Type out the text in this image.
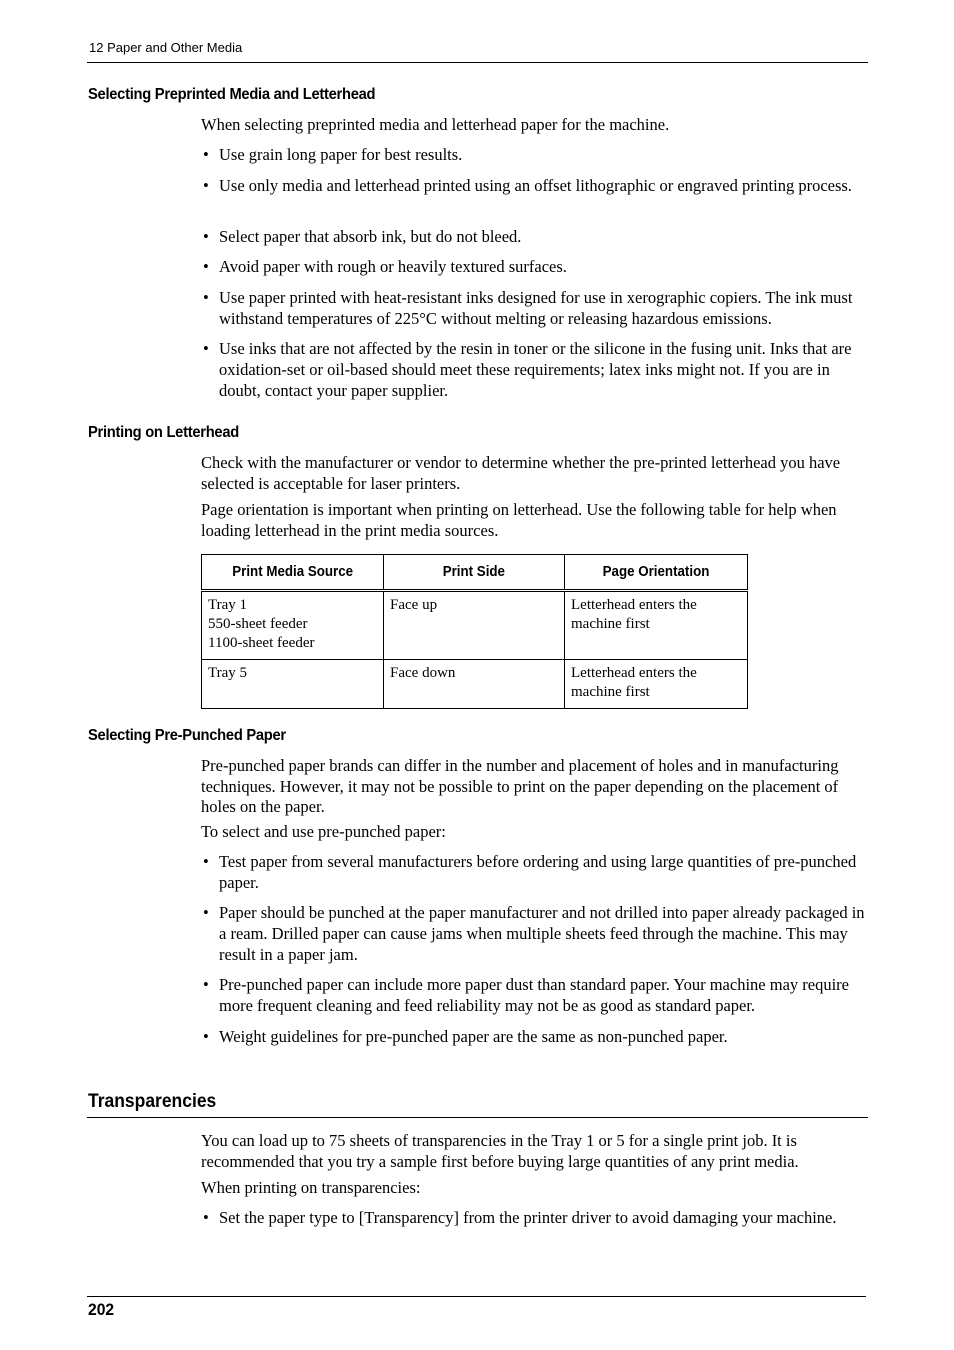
12 Paper and Other Media
Selecting Preprinted Media and Letterhead

When selecting preprinted media and letterhead paper for the machine.

• Use grain long paper for best results.

• Use only media and letterhead printed using an offset lithographic or engraved printing process.

• Select paper that absorb ink, but do not bleed.

• Avoid paper with rough or heavily textured surfaces.

• Use paper printed with heat-resistant inks designed for use in xerographic copiers. The ink must withstand temperatures of 225°C without melting or releasing hazardous emissions.

• Use inks that are not affected by the resin in toner or the silicone in the fusing unit. Inks that are oxidation-set or oil-based should meet these requirements; latex inks might not. If you are in doubt, contact your paper supplier.

Printing on Letterhead

Check with the manufacturer or vendor to determine whether the pre-printed letterhead you have selected is acceptable for laser printers.

Page orientation is important when printing on letterhead. Use the following table for help when loading letterhead in the print media sources.

Print Media Source	Print Side	Page Orientation

Tray 1
550-sheet feeder
1100-sheet feeder	Face up	Letterhead enters the machine first

Tray 5	Face down	Letterhead enters the machine first
Selecting Pre-Punched Paper

Pre-punched paper brands can differ in the number and placement of holes and in manufacturing techniques. However, it may not be possible to print on the paper depending on the placement of holes on the paper.

To select and use pre-punched paper:

• Test paper from several manufacturers before ordering and using large quantities of pre-punched paper.

• Paper should be punched at the paper manufacturer and not drilled into paper already packaged in a ream. Drilled paper can cause jams when multiple sheets feed through the machine. This may result in a paper jam.

• Pre-punched paper can include more paper dust than standard paper. Your machine may require more frequent cleaning and feed reliability may not be as good as standard paper.

• Weight guidelines for pre-punched paper are the same as non-punched paper.

Transparencies

You can load up to 75 sheets of transparencies in the Tray 1 or 5 for a single print job. It is recommended that you try a sample first before buying large quantities of any print media.

When printing on transparencies:

• Set the paper type to [Transparency] from the printer driver to avoid damaging your machine.

202
